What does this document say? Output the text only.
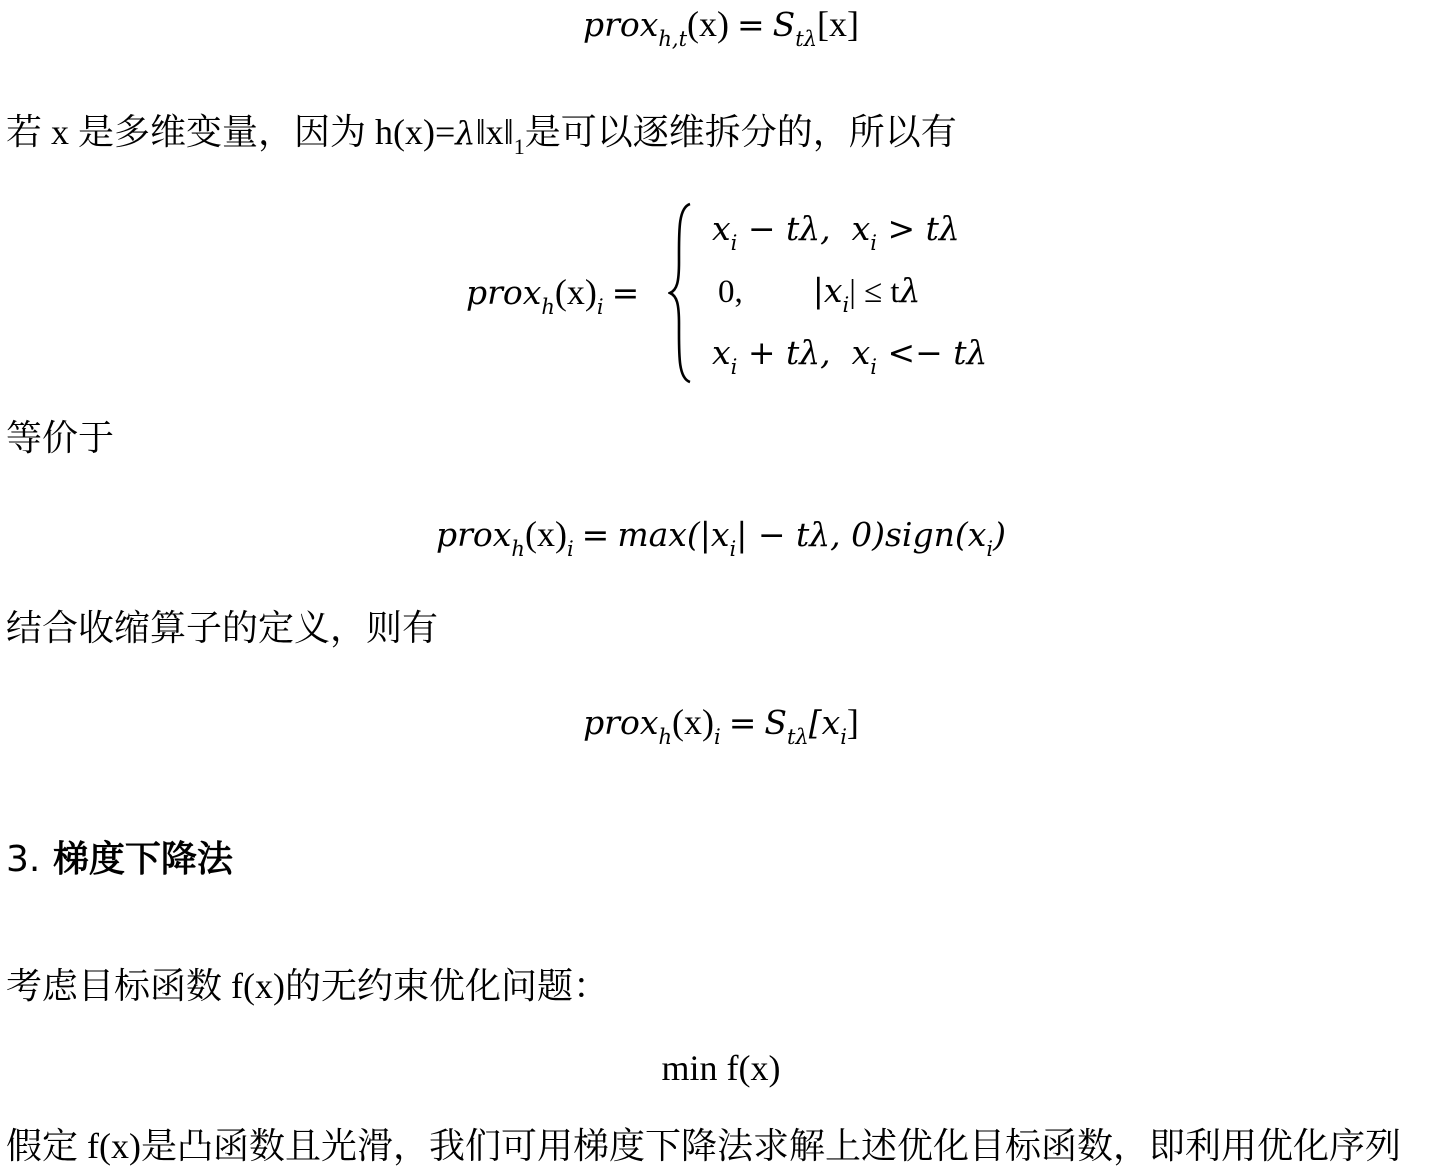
prox$_{h,t}$(x) = $S_{t\lambda}[x]$
若 x 是多维变量，因为 $h(x)=\lambda‖x‖_1$是可以逐维拆分的，所以有
$prox_h(x)_i$ =
$x_i - t\lambda$,  $x_i > t\lambda$
0, $|x_i| \le t\lambda$
$x_i + t\lambda$,  $x_i <- t\lambda$
等价于
$prox_h(x)_i = \max(|x_i| - t\lambda$, $0)sign(x_i)$
结合收缩算子的定义，则有
$prox_h(x)_i = S_{t\lambda}[x_i]$
3. 梯度下降法
考虑目标函数 f(x)的无约束优化问题：
min f(x)
假定 f(x)是凸函数且光滑，我们可用梯度下降法求解上述优化目标函数，即利用优化序列
